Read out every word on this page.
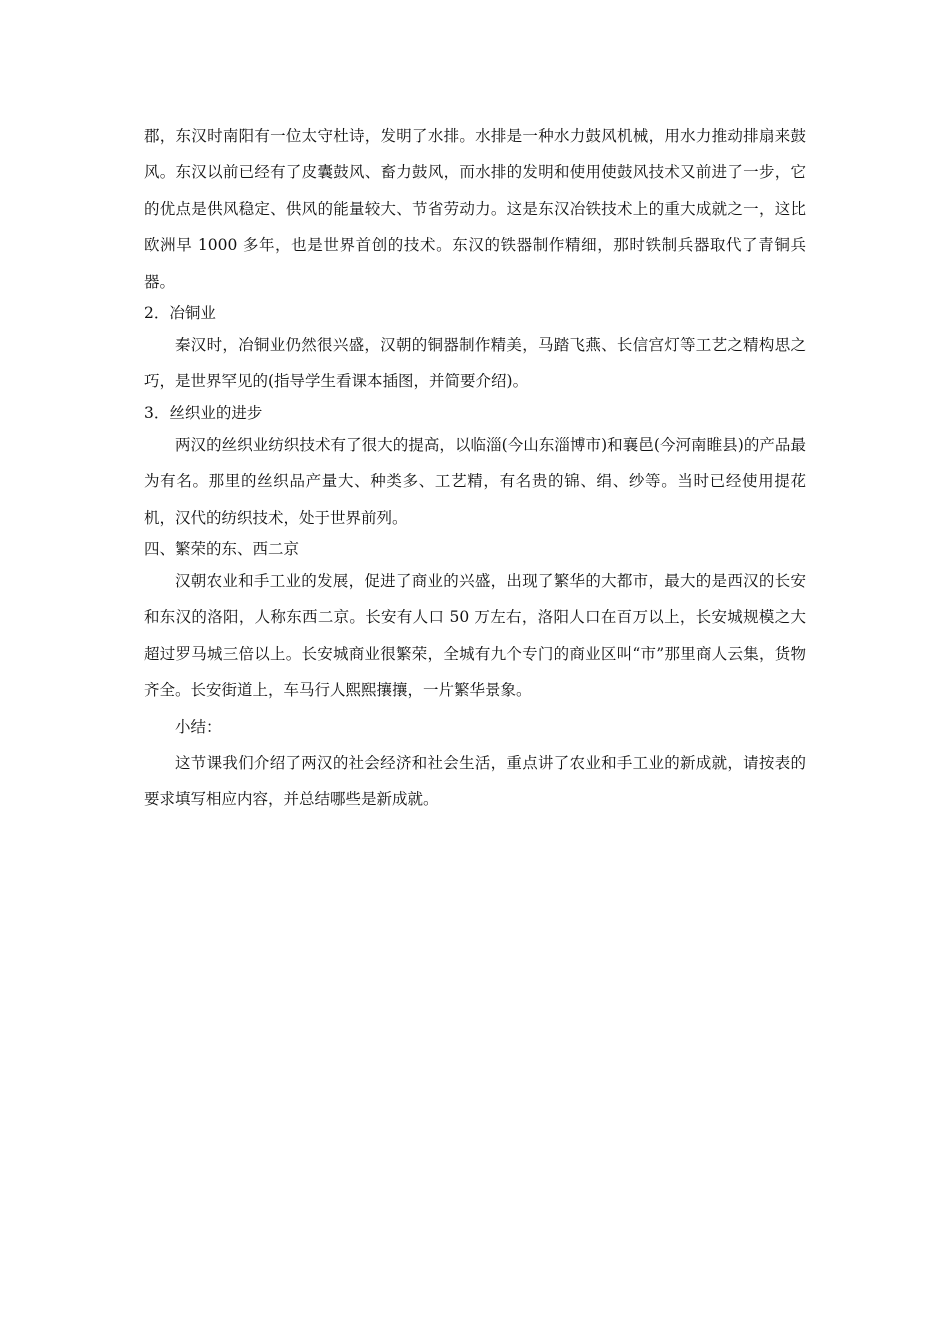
郡，东汉时南阳有一位太守杜诗，发明了水排。水排是一种水力鼓风机械，用水力推动排扇来鼓风。东汉以前已经有了皮囊鼓风、畜力鼓风，而水排的发明和使用使鼓风技术又前进了一步，它的优点是供风稳定、供风的能量较大、节省劳动力。这是东汉冶铁技术上的重大成就之一，这比欧洲早 1000 多年，也是世界首创的技术。东汉的铁器制作精细，那时铁制兵器取代了青铜兵器。

2．冶铜业

秦汉时，冶铜业仍然很兴盛，汉朝的铜器制作精美，马踏飞燕、长信宫灯等工艺之精构思之巧，是世界罕见的(指导学生看课本插图，并简要介绍)。

3．丝织业的进步

两汉的丝织业纺织技术有了很大的提高，以临淄(今山东淄博市)和襄邑(今河南睢县)的产品最为有名。那里的丝织品产量大、种类多、工艺精，有名贵的锦、绢、纱等。当时已经使用提花机，汉代的纺织技术，处于世界前列。

四、繁荣的东、西二京

汉朝农业和手工业的发展，促进了商业的兴盛，出现了繁华的大都市，最大的是西汉的长安和东汉的洛阳，人称东西二京。长安有人口 50 万左右，洛阳人口在百万以上，长安城规模之大超过罗马城三倍以上。长安城商业很繁荣，全城有九个专门的商业区叫“市”那里商人云集，货物齐全。长安街道上，车马行人熙熙攘攘，一片繁华景象。

小结：

这节课我们介绍了两汉的社会经济和社会生活，重点讲了农业和手工业的新成就，请按表的要求填写相应内容，并总结哪些是新成就。
